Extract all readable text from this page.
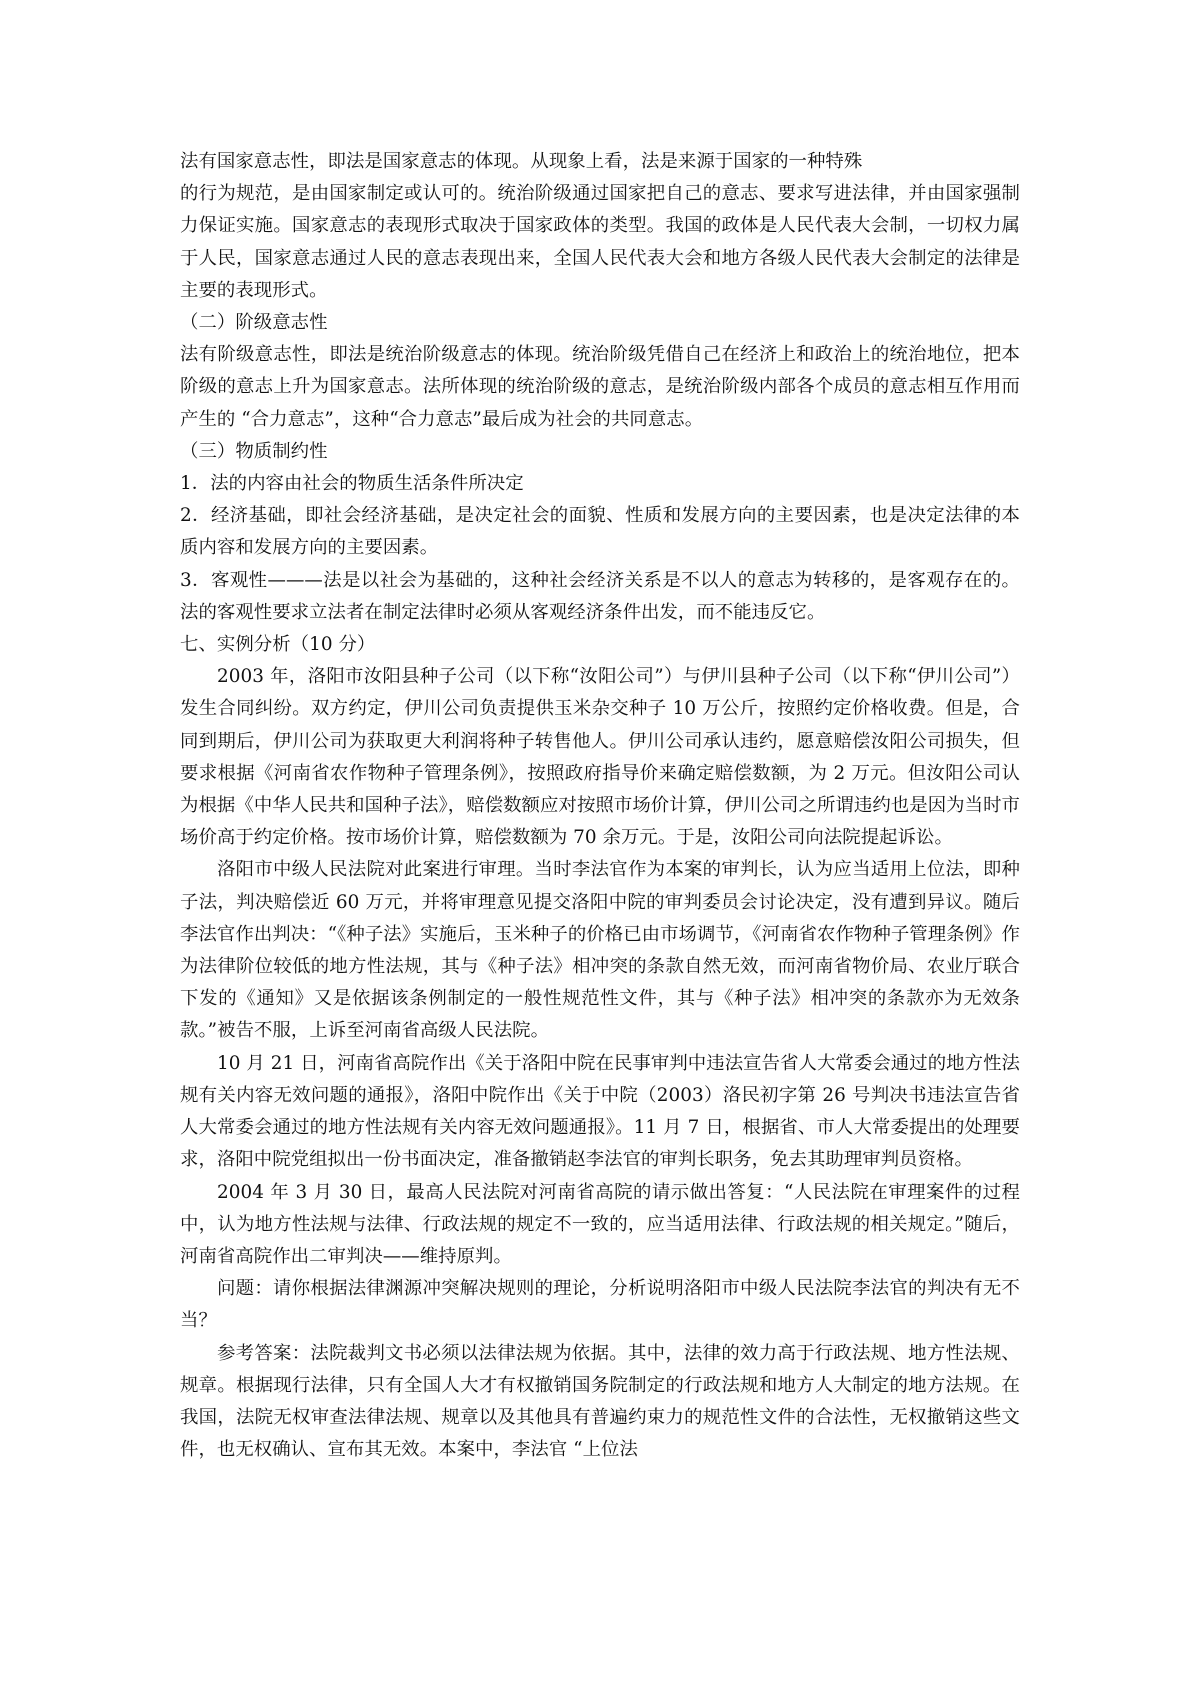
法有国家意志性，即法是国家意志的体现。从现象上看，法是来源于国家的一种特殊

的行为规范，是由国家制定或认可的。统治阶级通过国家把自己的意志、要求写进法律，并由国家强制力保证实施。国家意志的表现形式取决于国家政体的类型。我国的政体是人民代表大会制，一切权力属于人民，国家意志通过人民的意志表现出来，全国人民代表大会和地方各级人民代表大会制定的法律是主要的表现形式。

（二）阶级意志性

法有阶级意志性，即法是统治阶级意志的体现。统治阶级凭借自己在经济上和政治上的统治地位，把本阶级的意志上升为国家意志。法所体现的统治阶级的意志，是统治阶级内部各个成员的意志相互作用而产生的 “合力意志”，这种“合力意志”最后成为社会的共同意志。

（三）物质制约性

1．法的内容由社会的物质生活条件所决定

2．经济基础，即社会经济基础，是决定社会的面貌、性质和发展方向的主要因素，也是决定法律的本质内容和发展方向的主要因素。

3．客观性———法是以社会为基础的，这种社会经济关系是不以人的意志为转移的，是客观存在的。法的客观性要求立法者在制定法律时必须从客观经济条件出发，而不能违反它。

七、实例分析（10 分）

2003 年，洛阳市汝阳县种子公司（以下称“汝阳公司”）与伊川县种子公司（以下称“伊川公司”）发生合同纠纷。双方约定，伊川公司负责提供玉米杂交种子 10 万公斤，按照约定价格收费。但是，合同到期后，伊川公司为获取更大利润将种子转售他人。伊川公司承认违约，愿意赔偿汝阳公司损失，但要求根据《河南省农作物种子管理条例》，按照政府指导价来确定赔偿数额，为 2 万元。但汝阳公司认为根据《中华人民共和国种子法》，赔偿数额应对按照市场价计算，伊川公司之所谓违约也是因为当时市场价高于约定价格。按市场价计算，赔偿数额为 70 余万元。于是，汝阳公司向法院提起诉讼。

洛阳市中级人民法院对此案进行审理。当时李法官作为本案的审判长，认为应当适用上位法，即种子法，判决赔偿近 60 万元，并将审理意见提交洛阳中院的审判委员会讨论决定，没有遭到异议。随后李法官作出判决：“《种子法》实施后，玉米种子的价格已由市场调节，《河南省农作物种子管理条例》作为法律阶位较低的地方性法规，其与《种子法》相冲突的条款自然无效，而河南省物价局、农业厅联合下发的《通知》又是依据该条例制定的一般性规范性文件，其与《种子法》相冲突的条款亦为无效条款。”被告不服，上诉至河南省高级人民法院。

10 月 21 日，河南省高院作出《关于洛阳中院在民事审判中违法宣告省人大常委会通过的地方性法规有关内容无效问题的通报》，洛阳中院作出《关于中院（2003）洛民初字第 26 号判决书违法宣告省人大常委会通过的地方性法规有关内容无效问题通报》。11 月 7 日，根据省、市人大常委提出的处理要求，洛阳中院党组拟出一份书面决定，准备撤销赵李法官的审判长职务，免去其助理审判员资格。

2004 年 3 月 30 日，最高人民法院对河南省高院的请示做出答复：“人民法院在审理案件的过程中，认为地方性法规与法律、行政法规的规定不一致的，应当适用法律、行政法规的相关规定。”随后，河南省高院作出二审判决——维持原判。

问题：请你根据法律渊源冲突解决规则的理论，分析说明洛阳市中级人民法院李法官的判决有无不当？

参考答案：法院裁判文书必须以法律法规为依据。其中，法律的效力高于行政法规、地方性法规、规章。根据现行法律，只有全国人大才有权撤销国务院制定的行政法规和地方人大制定的地方法规。在我国，法院无权审查法律法规、规章以及其他具有普遍约束力的规范性文件的合法性，无权撤销这些文件，也无权确认、宣布其无效。本案中，李法官 “上位法
